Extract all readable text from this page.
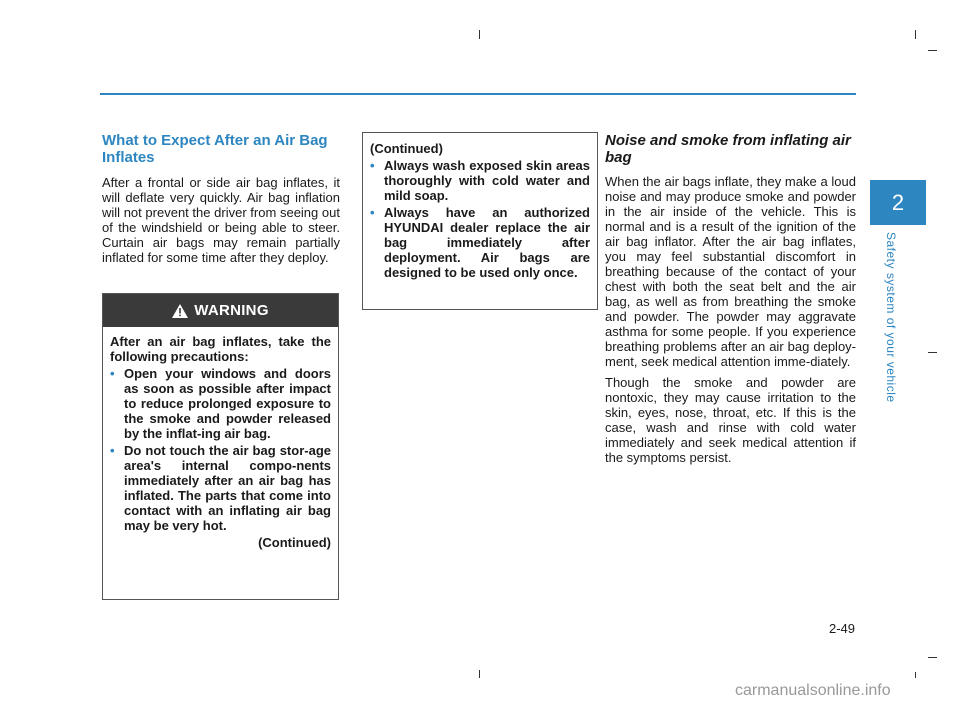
What to Expect After an Air Bag Inflates

After a frontal or side air bag inflates, it will deflate very quickly. Air bag inflation will not prevent the driver from seeing out of the windshield or being able to steer. Curtain air bags may remain partially inflated for some time after they deploy.

WARNING
After an air bag inflates, take the following precautions:
• Open your windows and doors as soon as possible after impact to reduce prolonged exposure to the smoke and powder released by the inflat-ing air bag.
• Do not touch the air bag stor-age area's internal compo-nents immediately after an air bag has inflated. The parts that come into contact with an inflating air bag may be very hot.
(Continued)
(Continued)
• Always wash exposed skin areas thoroughly with cold water and mild soap.
• Always have an authorized HYUNDAI dealer replace the air bag immediately after deployment. Air bags are designed to be used only once.
Noise and smoke from inflating air bag

When the air bags inflate, they make a loud noise and may produce smoke and powder in the air inside of the vehicle. This is normal and is a result of the ignition of the air bag inflator. After the air bag inflates, you may feel substantial discomfort in breathing because of the contact of your chest with both the seat belt and the air bag, as well as from breathing the smoke and powder. The powder may aggravate asthma for some people. If you experience breathing problems after an air bag deploy-ment, seek medical attention imme-diately.

Though the smoke and powder are nontoxic, they may cause irritation to the skin, eyes, nose, throat, etc. If this is the case, wash and rinse with cold water immediately and seek medical attention if the symptoms persist.

2
Safety system of your vehicle
2-49
carmanualsonline.info
